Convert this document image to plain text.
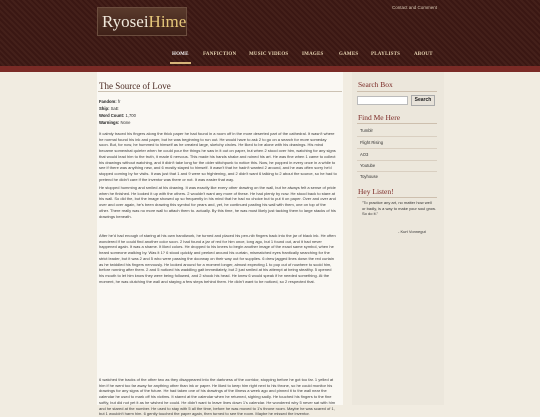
RyoseiHime
Contact and Comment
HOME	FANFICTION	MUSIC VIDEOS	IMAGES	GAMES	PLAYLISTS	ABOUT
The Source of Love
Fandom: fr
Ship: SaE
Word Count: 1,700
Warnings: None

It calmly traced his fingers along the thick paper he had found in a room off in the more deserted part of the cathedral. It wasn't where he normal found his ink and paper, but he was beginning to run out. He would have to ask 2 to go on a search for more someday soon. But, for now, he hummed to himself as he created large, sketchy circles. He liked to be alone with his drawings. His mind became somewhat quieter when he could pour the things he saw in it out on paper, but when 2 stood over him, watching for any signs that would lead him to the truth, it made 6 nervous. This made his hands shake and ruined his art. He was fine when 1 came to collect his drawings without watching, and it didn't take long for the older stitchpunk to notice this. Now, he popped in every once in a while to see if there was anything new, and 6 mostly stayed to himself. It wasn't that he hadn't wanted 2 around, and he was often sorry he'd stopped coming by for visits. It was just that 1 and 9 were so frightening, and 2 didn't want 6 talking to 2 about the source, so he had to pretend he didn't care if the inventor was there or not. It was easier that way.

He stopped humming and smiled at his drawing. It was exactly like every other drawing on the wall, but he always felt a sense of pride when he finished. He looked it up with the others. 2 wouldn't want any more of these. He had plenty by now. He stood back to stare at his wall. So did the, but the image showed up so frequently in his mind that he had no choice but to put it on paper. Over and over and over and over again, he's been drawing this symbol for years and, yet, he continued pasting his wall with them, one on top of the other. There really was no more wall to attach them to. actually. By this time, he was most likely just tacking them to large stacks of his drawings beneath.

After he'd had enough of staring at his own handiwork, he turned and placed his pen-nib fingers back into the jar of black ink. He often wondered if he could find another color soon. 2 had found a jar of red for him once, long ago, but 1 found out, and it had never happened again. It was a shame. It liked colors. He dropped to his knees to begin another image of the exact same symbol, when he heard someone walking by. Was it 1? 6 stood quickly and peeked around his curtain, mismatched eyes frantically searching for the strict leader, but it was 2 and 5 who were passing the doorway on their way out for supplies. 6 drew jagged lines down the red curtain as he twiddled his fingers nervously. He looked around for a moment longer, almost expecting 1 to pop out of nowhere to scold him, before running after them. 2 and 5 noticed his waddling gait immediately, but 2 just smiled at his attempt at being stealthy. 5 opened his mouth to let him know they were being followed, and 2 shook his head. He knew 6 would speak if he needed something. At the moment, he was clutching the wall and staying a few steps behind them. He didn't want to be noticed, so 2 respected that.

6 watched the backs of the other two as they disappeared into the darkness of the corridor, stopping before he got too far. 1 yelled at him if he went too far away for anything other than ink or paper. He liked to keep him right next to his throne, so he could monitor his drawings for any signs of the future. He had taken one of his drawings of the illness a week ago and pinned it to the wall near the calendar he used to mark off his victims. It stared at the calendar when he returned, sighing sadly. He touched his fingers to the fine softly, but did not yet it as he wished he could. He didn't want to leave lines down 1's calendar. He wondered why 5 never sat with him and he stared at the number. He used to stay with 5 all the time, before he was moved to 1's throne room. Maybe he was scared of 1, but 1 wouldn't harm him. 6 gently touched the paper again, then turned to see the room. Maybe he missed the inventor.

Search Box
Search
Find Me Here
Tumblr
Flight Rising
AO3
Youtube
Toyhouse
Hey Listen!

"To practice any art, no matter how well or badly, is a way to make your soul grow. So do it."

- Kurt Vonnegut
